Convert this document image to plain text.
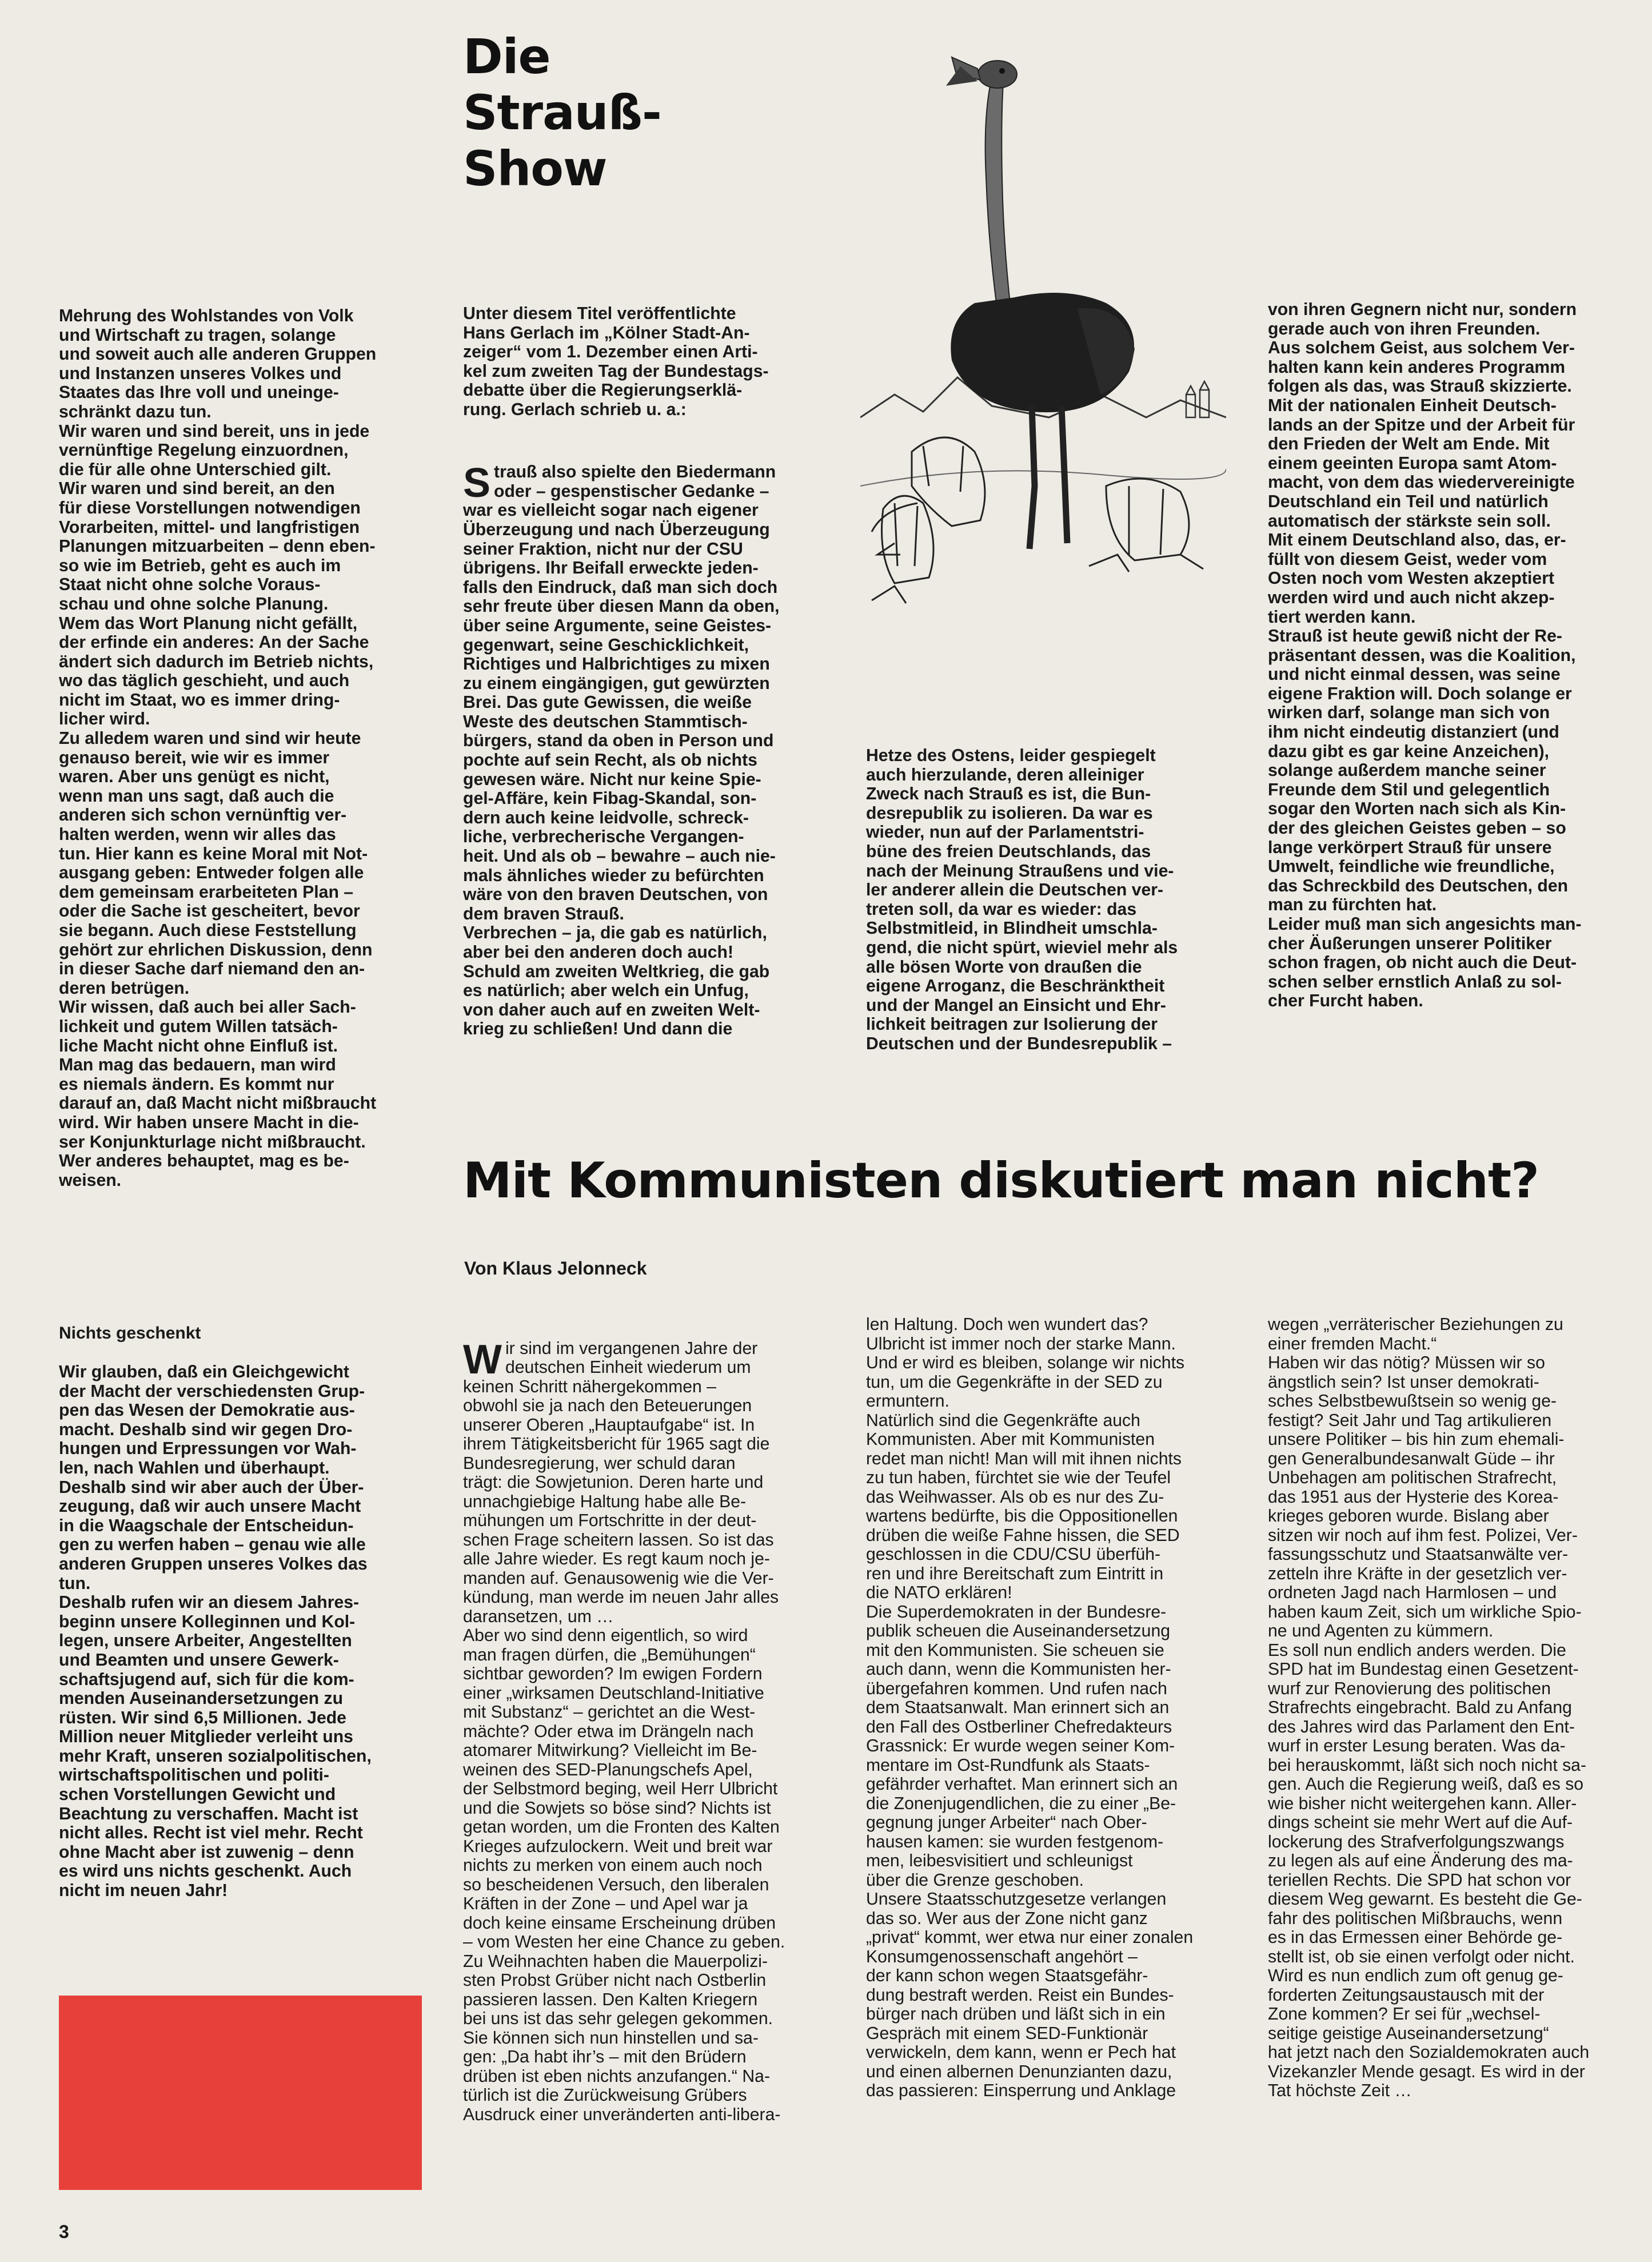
Die
Strauß-
Show

Mehrung des Wohlstandes von Volk
und Wirtschaft zu tragen, solange
und soweit auch alle anderen Gruppen
und Instanzen unseres Volkes und
Staates das Ihre voll und uneinge-
schränkt dazu tun.
Wir waren und sind bereit, uns in jede
vernünftige Regelung einzuordnen,
die für alle ohne Unterschied gilt.
Wir waren und sind bereit, an den
für diese Vorstellungen notwendigen
Vorarbeiten, mittel- und langfristigen
Planungen mitzuarbeiten – denn eben-
so wie im Betrieb, geht es auch im
Staat nicht ohne solche Voraus-
schau und ohne solche Planung.
Wem das Wort Planung nicht gefällt,
der erfinde ein anderes: An der Sache
ändert sich dadurch im Betrieb nichts,
wo das täglich geschieht, und auch
nicht im Staat, wo es immer dring-
licher wird.
Zu alledem waren und sind wir heute
genauso bereit, wie wir es immer
waren. Aber uns genügt es nicht,
wenn man uns sagt, daß auch die
anderen sich schon vernünftig ver-
halten werden, wenn wir alles das
tun. Hier kann es keine Moral mit Not-
ausgang geben: Entweder folgen alle
dem gemeinsam erarbeiteten Plan –
oder die Sache ist gescheitert, bevor
sie begann. Auch diese Feststellung
gehört zur ehrlichen Diskussion, denn
in dieser Sache darf niemand den an-
deren betrügen.
Wir wissen, daß auch bei aller Sach-
lichkeit und gutem Willen tatsäch-
liche Macht nicht ohne Einfluß ist.
Man mag das bedauern, man wird
es niemals ändern. Es kommt nur
darauf an, daß Macht nicht mißbraucht
wird. Wir haben unsere Macht in die-
ser Konjunkturlage nicht mißbraucht.
Wer anderes behauptet, mag es be-
weisen.

Unter diesem Titel veröffentlichte
Hans Gerlach im „Kölner Stadt-An-
zeiger“ vom 1. Dezember einen Arti-
kel zum zweiten Tag der Bundestags-
debatte über die Regierungserklä-
rung. Gerlach schrieb u. a.:

Strauß also spielte den Biedermann
oder – gespenstischer Gedanke –
war es vielleicht sogar nach eigener
Überzeugung und nach Überzeugung
seiner Fraktion, nicht nur der CSU
übrigens. Ihr Beifall erweckte jeden-
falls den Eindruck, daß man sich doch
sehr freute über diesen Mann da oben,
über seine Argumente, seine Geistes-
gegenwart, seine Geschicklichkeit,
Richtiges und Halbrichtiges zu mixen
zu einem eingängigen, gut gewürzten
Brei. Das gute Gewissen, die weiße
Weste des deutschen Stammtisch-
bürgers, stand da oben in Person und
pochte auf sein Recht, als ob nichts
gewesen wäre. Nicht nur keine Spie-
gel-Affäre, kein Fibag-Skandal, son-
dern auch keine leidvolle, schreck-
liche, verbrecherische Vergangen-
heit. Und als ob – bewahre – auch nie-
mals ähnliches wieder zu befürchten
wäre von den braven Deutschen, von
dem braven Strauß.
Verbrechen – ja, die gab es natürlich,
aber bei den anderen doch auch!
Schuld am zweiten Weltkrieg, die gab
es natürlich; aber welch ein Unfug,
von daher auch auf en zweiten Welt-
krieg zu schließen! Und dann die

Hetze des Ostens, leider gespiegelt
auch hierzulande, deren alleiniger
Zweck nach Strauß es ist, die Bun-
desrepublik zu isolieren. Da war es
wieder, nun auf der Parlamentstri-
büne des freien Deutschlands, das
nach der Meinung Straußens und vie-
ler anderer allein die Deutschen ver-
treten soll, da war es wieder: das
Selbstmitleid, in Blindheit umschla-
gend, die nicht spürt, wieviel mehr als
alle bösen Worte von draußen die
eigene Arroganz, die Beschränktheit
und der Mangel an Einsicht und Ehr-
lichkeit beitragen zur Isolierung der
Deutschen und der Bundesrepublik –

von ihren Gegnern nicht nur, sondern
gerade auch von ihren Freunden.
Aus solchem Geist, aus solchem Ver-
halten kann kein anderes Programm
folgen als das, was Strauß skizzierte.
Mit der nationalen Einheit Deutsch-
lands an der Spitze und der Arbeit für
den Frieden der Welt am Ende. Mit
einem geeinten Europa samt Atom-
macht, von dem das wiedervereinigte
Deutschland ein Teil und natürlich
automatisch der stärkste sein soll.
Mit einem Deutschland also, das, er-
füllt von diesem Geist, weder vom
Osten noch vom Westen akzeptiert
werden wird und auch nicht akzep-
tiert werden kann.
Strauß ist heute gewiß nicht der Re-
präsentant dessen, was die Koalition,
und nicht einmal dessen, was seine
eigene Fraktion will. Doch solange er
wirken darf, solange man sich von
ihm nicht eindeutig distanziert (und
dazu gibt es gar keine Anzeichen),
solange außerdem manche seiner
Freunde dem Stil und gelegentlich
sogar den Worten nach sich als Kin-
der des gleichen Geistes geben – so
lange verkörpert Strauß für unsere
Umwelt, feindliche wie freundliche,
das Schreckbild des Deutschen, den
man zu fürchten hat.
Leider muß man sich angesichts man-
cher Äußerungen unserer Politiker
schon fragen, ob nicht auch die Deut-
schen selber ernstlich Anlaß zu sol-
cher Furcht haben.

Nichts geschenkt

Wir glauben, daß ein Gleichgewicht
der Macht der verschiedensten Grup-
pen das Wesen der Demokratie aus-
macht. Deshalb sind wir gegen Dro-
hungen und Erpressungen vor Wah-
len, nach Wahlen und überhaupt.
Deshalb sind wir aber auch der Über-
zeugung, daß wir auch unsere Macht
in die Waagschale der Entscheidun-
gen zu werfen haben – genau wie alle
anderen Gruppen unseres Volkes das
tun.
Deshalb rufen wir an diesem Jahres-
beginn unsere Kolleginnen und Kol-
legen, unsere Arbeiter, Angestellten
und Beamten und unsere Gewerk-
schaftsjugend auf, sich für die kom-
menden Auseinandersetzungen zu
rüsten. Wir sind 6,5 Millionen. Jede
Million neuer Mitglieder verleiht uns
mehr Kraft, unseren sozialpolitischen,
wirtschaftspolitischen und politi-
schen Vorstellungen Gewicht und
Beachtung zu verschaffen. Macht ist
nicht alles. Recht ist viel mehr. Recht
ohne Macht aber ist zuwenig – denn
es wird uns nichts geschenkt. Auch
nicht im neuen Jahr!

Mit Kommunisten diskutiert man nicht?
Von Klaus Jelonneck

Wir sind im vergangenen Jahre der
deutschen Einheit wiederum um
keinen Schritt nähergekommen –
obwohl sie ja nach den Beteuerungen
unserer Oberen „Hauptaufgabe“ ist. In
ihrem Tätigkeitsbericht für 1965 sagt die
Bundesregierung, wer schuld daran
trägt: die Sowjetunion. Deren harte und
unnachgiebige Haltung habe alle Be-
mühungen um Fortschritte in der deut-
schen Frage scheitern lassen. So ist das
alle Jahre wieder. Es regt kaum noch je-
manden auf. Genausowenig wie die Ver-
kündung, man werde im neuen Jahr alles
daransetzen, um …
Aber wo sind denn eigentlich, so wird
man fragen dürfen, die „Bemühungen“
sichtbar geworden? Im ewigen Fordern
einer „wirksamen Deutschland-Initiative
mit Substanz“ – gerichtet an die West-
mächte? Oder etwa im Drängeln nach
atomarer Mitwirkung? Vielleicht im Be-
weinen des SED-Planungschefs Apel,
der Selbstmord beging, weil Herr Ulbricht
und die Sowjets so böse sind? Nichts ist
getan worden, um die Fronten des Kalten
Krieges aufzulockern. Weit und breit war
nichts zu merken von einem auch noch
so bescheidenen Versuch, den liberalen
Kräften in der Zone – und Apel war ja
doch keine einsame Erscheinung drüben
– vom Westen her eine Chance zu geben.
Zu Weihnachten haben die Mauerpolizi-
sten Probst Grüber nicht nach Ostberlin
passieren lassen. Den Kalten Kriegern
bei uns ist das sehr gelegen gekommen.
Sie können sich nun hinstellen und sa-
gen: „Da habt ihr’s – mit den Brüdern
drüben ist eben nichts anzufangen.“ Na-
türlich ist die Zurückweisung Grübers
Ausdruck einer unveränderten anti-libera-

len Haltung. Doch wen wundert das?
Ulbricht ist immer noch der starke Mann.
Und er wird es bleiben, solange wir nichts
tun, um die Gegenkräfte in der SED zu
ermuntern.
Natürlich sind die Gegenkräfte auch
Kommunisten. Aber mit Kommunisten
redet man nicht! Man will mit ihnen nichts
zu tun haben, fürchtet sie wie der Teufel
das Weihwasser. Als ob es nur des Zu-
wartens bedürfte, bis die Oppositionellen
drüben die weiße Fahne hissen, die SED
geschlossen in die CDU/CSU überfüh-
ren und ihre Bereitschaft zum Eintritt in
die NATO erklären!
Die Superdemokraten in der Bundesre-
publik scheuen die Auseinandersetzung
mit den Kommunisten. Sie scheuen sie
auch dann, wenn die Kommunisten her-
übergefahren kommen. Und rufen nach
dem Staatsanwalt. Man erinnert sich an
den Fall des Ostberliner Chefredakteurs
Grassnick: Er wurde wegen seiner Kom-
mentare im Ost-Rundfunk als Staats-
gefährder verhaftet. Man erinnert sich an
die Zonenjugendlichen, die zu einer „Be-
gegnung junger Arbeiter“ nach Ober-
hausen kamen: sie wurden festgenom-
men, leibesvisitiert und schleunigst
über die Grenze geschoben.
Unsere Staatsschutzgesetze verlangen
das so. Wer aus der Zone nicht ganz
„privat“ kommt, wer etwa nur einer zonalen
Konsumgenossenschaft angehört –
der kann schon wegen Staatsgefähr-
dung bestraft werden. Reist ein Bundes-
bürger nach drüben und läßt sich in ein
Gespräch mit einem SED-Funktionär
verwickeln, dem kann, wenn er Pech hat
und einen albernen Denunzianten dazu,
das passieren: Einsperrung und Anklage

wegen „verräterischer Beziehungen zu
einer fremden Macht.“
Haben wir das nötig? Müssen wir so
ängstlich sein? Ist unser demokrati-
sches Selbstbewußtsein so wenig ge-
festigt? Seit Jahr und Tag artikulieren
unsere Politiker – bis hin zum ehemali-
gen Generalbundesanwalt Güde – ihr
Unbehagen am politischen Strafrecht,
das 1951 aus der Hysterie des Korea-
krieges geboren wurde. Bislang aber
sitzen wir noch auf ihm fest. Polizei, Ver-
fassungsschutz und Staatsanwälte ver-
zetteln ihre Kräfte in der gesetzlich ver-
ordneten Jagd nach Harmlosen – und
haben kaum Zeit, sich um wirkliche Spio-
ne und Agenten zu kümmern.
Es soll nun endlich anders werden. Die
SPD hat im Bundestag einen Gesetzent-
wurf zur Renovierung des politischen
Strafrechts eingebracht. Bald zu Anfang
des Jahres wird das Parlament den Ent-
wurf in erster Lesung beraten. Was da-
bei herauskommt, läßt sich noch nicht sa-
gen. Auch die Regierung weiß, daß es so
wie bisher nicht weitergehen kann. Aller-
dings scheint sie mehr Wert auf die Auf-
lockerung des Strafverfolgungszwangs
zu legen als auf eine Änderung des ma-
teriellen Rechts. Die SPD hat schon vor
diesem Weg gewarnt. Es besteht die Ge-
fahr des politischen Mißbrauchs, wenn
es in das Ermessen einer Behörde ge-
stellt ist, ob sie einen verfolgt oder nicht.
Wird es nun endlich zum oft genug ge-
forderten Zeitungsaustausch mit der
Zone kommen? Er sei für „wechsel-
seitige geistige Auseinandersetzung“
hat jetzt nach den Sozialdemokraten auch
Vizekanzler Mende gesagt. Es wird in der
Tat höchste Zeit …

3
